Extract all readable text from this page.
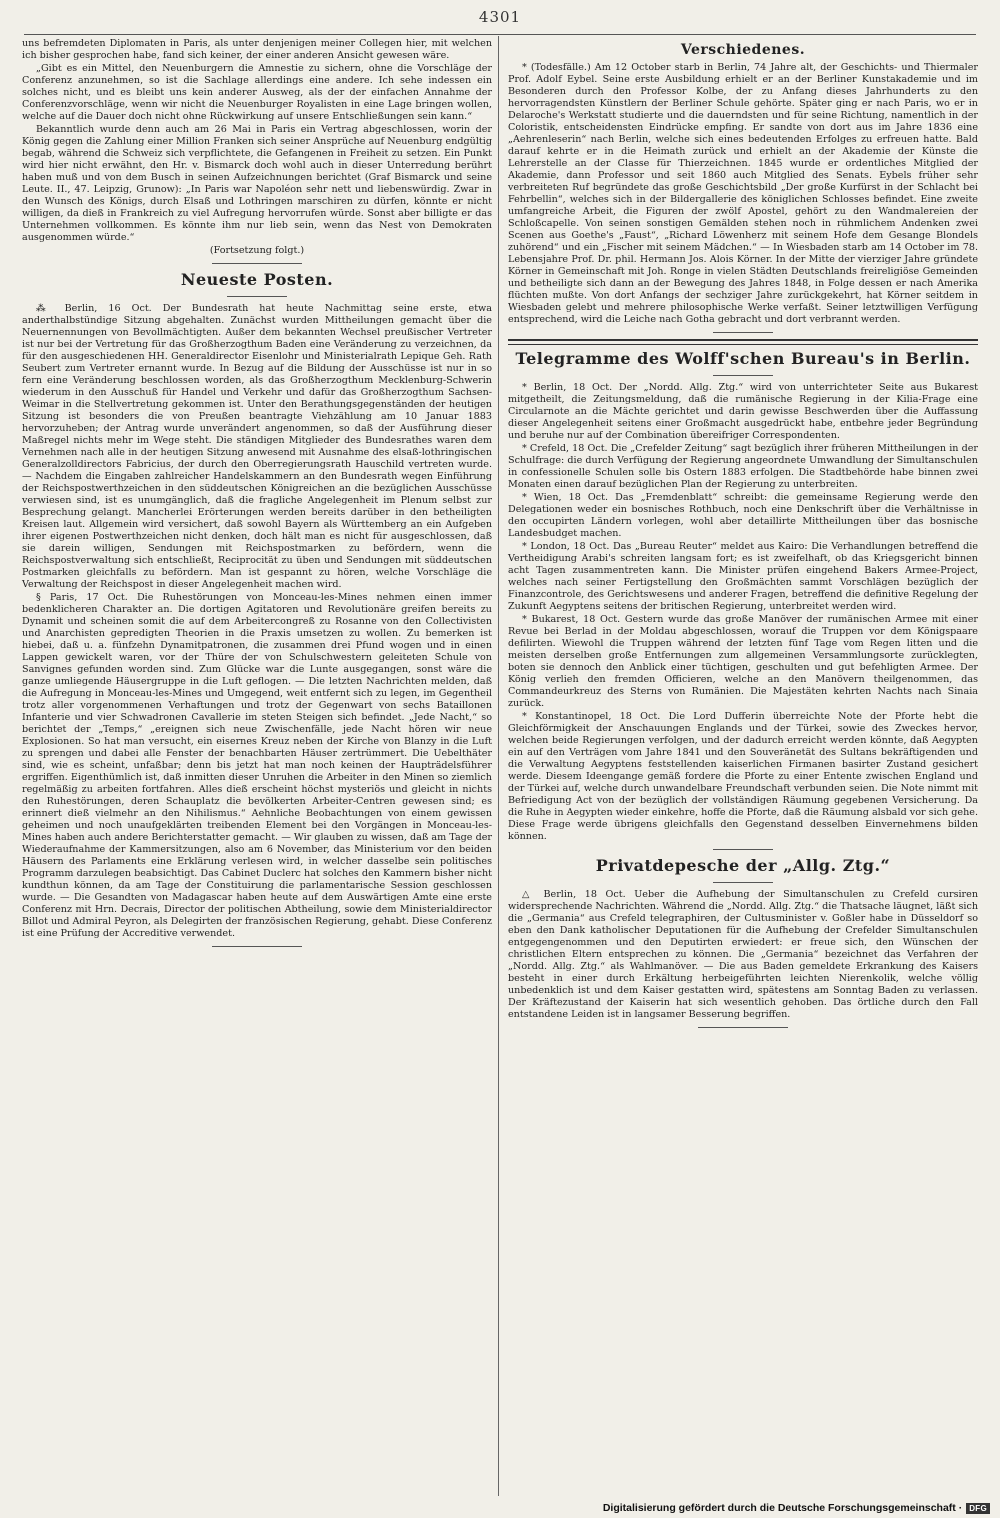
4301

uns befremdeten Diplomaten in Paris, als unter denjenigen meiner Collegen hier, mit welchen ich bisher gesprochen habe, fand sich keiner, der einer anderen Ansicht gewesen wäre.

„Gibt es ein Mittel, den Neuenburgern die Amnestie zu sichern, ohne die Vorschläge der Conferenz anzunehmen, so ist die Sachlage allerdings eine andere. Ich sehe indessen ein solches nicht, und es bleibt uns kein anderer Ausweg, als der der einfachen Annahme der Conferenzvorschläge, wenn wir nicht die Neuenburger Royalisten in eine Lage bringen wollen, welche auf die Dauer doch nicht ohne Rückwirkung auf unsere Entschließungen sein kann.“

Bekanntlich wurde denn auch am 26 Mai in Paris ein Vertrag abgeschlossen, worin der König gegen die Zahlung einer Million Franken sich seiner Ansprüche auf Neuenburg endgültig begab, während die Schweiz sich verpflichtete, die Gefangenen in Freiheit zu setzen. Ein Punkt wird hier nicht erwähnt, den Hr. v. Bismarck doch wohl auch in dieser Unterredung berührt haben muß und von dem Busch in seinen Aufzeichnungen berichtet (Graf Bismarck und seine Leute. II., 47. Leipzig, Grunow): „In Paris war Napoléon sehr nett und liebenswürdig. Zwar in den Wunsch des Königs, durch Elsaß und Lothringen marschiren zu dürfen, könnte er nicht willigen, da dieß in Frankreich zu viel Aufregung hervorrufen würde. Sonst aber billigte er das Unternehmen vollkommen. Es könnte ihm nur lieb sein, wenn das Nest von Demokraten ausgenommen würde.“

(Fortsetzung folgt.)

Neueste Posten.

⁂ Berlin, 16 Oct. Der Bundesrath hat heute Nachmittag seine erste, etwa anderthalbstündige Sitzung abgehalten. Zunächst wurden Mittheilungen gemacht über die Neuernennungen von Bevollmächtigten. Außer dem bekannten Wechsel preußischer Vertreter ist nur bei der Vertretung für das Großherzogthum Baden eine Veränderung zu verzeichnen, da für den ausgeschiedenen HH. Generaldirector Eisenlohr und Ministerialrath Lepique Geh. Rath Seubert zum Vertreter ernannt wurde. In Bezug auf die Bildung der Ausschüsse ist nur in so fern eine Veränderung beschlossen worden, als das Großherzogthum Mecklenburg-Schwerin wiederum in den Ausschuß für Handel und Verkehr und dafür das Großherzogthum Sachsen-Weimar in die Stellvertretung gekommen ist. Unter den Berathungsgegenständen der heutigen Sitzung ist besonders die von Preußen beantragte Viehzählung am 10 Januar 1883 hervorzuheben; der Antrag wurde unverändert angenommen, so daß der Ausführung dieser Maßregel nichts mehr im Wege steht. Die ständigen Mitglieder des Bundesrathes waren dem Vernehmen nach alle in der heutigen Sitzung anwesend mit Ausnahme des elsaß-lothringischen Generalzolldirectors Fabricius, der durch den Oberregierungsrath Hauschild vertreten wurde. — Nachdem die Eingaben zahlreicher Handelskammern an den Bundesrath wegen Einführung der Reichspostwerthzeichen in den süddeutschen Königreichen an die bezüglichen Ausschüsse verwiesen sind, ist es unumgänglich, daß die fragliche Angelegenheit im Plenum selbst zur Besprechung gelangt. Mancherlei Erörterungen werden bereits darüber in den betheiligten Kreisen laut. Allgemein wird versichert, daß sowohl Bayern als Württemberg an ein Aufgeben ihrer eigenen Postwerthzeichen nicht denken, doch hält man es nicht für ausgeschlossen, daß sie darein willigen, Sendungen mit Reichspostmarken zu befördern, wenn die Reichspostverwaltung sich entschließt, Reciprocität zu üben und Sendungen mit süddeutschen Postmarken gleichfalls zu befördern. Man ist gespannt zu hören, welche Vorschläge die Verwaltung der Reichspost in dieser Angelegenheit machen wird.

§ Paris, 17 Oct. Die Ruhestörungen von Monceau-les-Mines nehmen einen immer bedenklicheren Charakter an. Die dortigen Agitatoren und Revolutionäre greifen bereits zu Dynamit und scheinen somit die auf dem Arbeitercongreß zu Rosanne von den Collectivisten und Anarchisten gepredigten Theorien in die Praxis umsetzen zu wollen. Zu bemerken ist hiebei, daß u. a. fünfzehn Dynamitpatronen, die zusammen drei Pfund wogen und in einen Lappen gewickelt waren, vor der Thüre der von Schulschwestern geleiteten Schule von Sanvignes gefunden worden sind. Zum Glücke war die Lunte ausgegangen, sonst wäre die ganze umliegende Häusergruppe in die Luft geflogen. — Die letzten Nachrichten melden, daß die Aufregung in Monceau-les-Mines und Umgegend, weit entfernt sich zu legen, im Gegentheil trotz aller vorgenommenen Verhaftungen und trotz der Gegenwart von sechs Bataillonen Infanterie und vier Schwadronen Cavallerie im steten Steigen sich befindet. „Jede Nacht,“ so berichtet der „Temps,“ „ereignen sich neue Zwischenfälle, jede Nacht hören wir neue Explosionen. So hat man versucht, ein eisernes Kreuz neben der Kirche von Blanzy in die Luft zu sprengen und dabei alle Fenster der benachbarten Häuser zertrümmert. Die Uebelthäter sind, wie es scheint, unfaßbar; denn bis jetzt hat man noch keinen der Haupträdelsführer ergriffen. Eigenthümlich ist, daß inmitten dieser Unruhen die Arbeiter in den Minen so ziemlich regelmäßig zu arbeiten fortfahren. Alles dieß erscheint höchst mysteriös und gleicht in nichts den Ruhestörungen, deren Schauplatz die bevölkerten Arbeiter-Centren gewesen sind; es erinnert dieß vielmehr an den Nihilismus.“ Aehnliche Beobachtungen von einem gewissen geheimen und noch unaufgeklärten treibenden Element bei den Vorgängen in Monceau-les-Mines haben auch andere Berichterstatter gemacht. — Wir glauben zu wissen, daß am Tage der Wiederaufnahme der Kammersitzungen, also am 6 November, das Ministerium vor den beiden Häusern des Parlaments eine Erklärung verlesen wird, in welcher dasselbe sein politisches Programm darzulegen beabsichtigt. Das Cabinet Duclerc hat solches den Kammern bisher nicht kundthun können, da am Tage der Constituirung die parlamentarische Session geschlossen wurde. — Die Gesandten von Madagascar haben heute auf dem Auswärtigen Amte eine erste Conferenz mit Hrn. Decrais, Director der politischen Abtheilung, sowie dem Ministerialdirector Billot und Admiral Peyron, als Delegirten der französischen Regierung, gehabt. Diese Conferenz ist eine Prüfung der Accreditive verwendet.

Verschiedenes.

* (Todesfälle.) Am 12 October starb in Berlin, 74 Jahre alt, der Geschichts- und Thiermaler Prof. Adolf Eybel. Seine erste Ausbildung erhielt er an der Berliner Kunstakademie und im Besonderen durch den Professor Kolbe, der zu Anfang dieses Jahrhunderts zu den hervorragendsten Künstlern der Berliner Schule gehörte. Später ging er nach Paris, wo er in Delaroche's Werkstatt studierte und die dauerndsten und für seine Richtung, namentlich in der Coloristik, entscheidensten Eindrücke empfing. Er sandte von dort aus im Jahre 1836 eine „Aehrenleserin“ nach Berlin, welche sich eines bedeutenden Erfolges zu erfreuen hatte. Bald darauf kehrte er in die Heimath zurück und erhielt an der Akademie der Künste die Lehrerstelle an der Classe für Thierzeichnen. 1845 wurde er ordentliches Mitglied der Akademie, dann Professor und seit 1860 auch Mitglied des Senats. Eybels früher sehr verbreiteten Ruf begründete das große Geschichtsbild „Der große Kurfürst in der Schlacht bei Fehrbellin“, welches sich in der Bildergallerie des königlichen Schlosses befindet. Eine zweite umfangreiche Arbeit, die Figuren der zwölf Apostel, gehört zu den Wandmalereien der Schloßcapelle. Von seinen sonstigen Gemälden stehen noch in rühmlichem Andenken zwei Scenen aus Goethe's „Faust“, „Richard Löwenherz mit seinem Hofe dem Gesange Blondels zuhörend“ und ein „Fischer mit seinem Mädchen.“ — In Wiesbaden starb am 14 October im 78. Lebensjahre Prof. Dr. phil. Hermann Jos. Alois Körner. In der Mitte der vierziger Jahre gründete Körner in Gemeinschaft mit Joh. Ronge in vielen Städten Deutschlands freireligiöse Gemeinden und betheiligte sich dann an der Bewegung des Jahres 1848, in Folge dessen er nach Amerika flüchten mußte. Von dort Anfangs der sechziger Jahre zurückgekehrt, hat Körner seitdem in Wiesbaden gelebt und mehrere philosophische Werke verfaßt. Seiner letztwilligen Verfügung entsprechend, wird die Leiche nach Gotha gebracht und dort verbrannt werden.

Telegramme des Wolff'schen Bureau's in Berlin.

* Berlin, 18 Oct. Der „Nordd. Allg. Ztg.“ wird von unterrichteter Seite aus Bukarest mitgetheilt, die Zeitungsmeldung, daß die rumänische Regierung in der Kilia-Frage eine Circularnote an die Mächte gerichtet und darin gewisse Beschwerden über die Auffassung dieser Angelegenheit seitens einer Großmacht ausgedrückt habe, entbehre jeder Begründung und beruhe nur auf der Combination übereifriger Correspondenten.

* Crefeld, 18 Oct. Die „Crefelder Zeitung“ sagt bezüglich ihrer früheren Mittheilungen in der Schulfrage: die durch Verfügung der Regierung angeordnete Umwandlung der Simultanschulen in confessionelle Schulen solle bis Ostern 1883 erfolgen. Die Stadtbehörde habe binnen zwei Monaten einen darauf bezüglichen Plan der Regierung zu unterbreiten.

* Wien, 18 Oct. Das „Fremdenblatt“ schreibt: die gemeinsame Regierung werde den Delegationen weder ein bosnisches Rothbuch, noch eine Denkschrift über die Verhältnisse in den occupirten Ländern vorlegen, wohl aber detaillirte Mittheilungen über das bosnische Landesbudget machen.

* London, 18 Oct. Das „Bureau Reuter“ meldet aus Kairo: Die Verhandlungen betreffend die Vertheidigung Arabi's schreiten langsam fort; es ist zweifelhaft, ob das Kriegsgericht binnen acht Tagen zusammentreten kann. Die Minister prüfen eingehend Bakers Armee-Project, welches nach seiner Fertigstellung den Großmächten sammt Vorschlägen bezüglich der Finanzcontrole, des Gerichtswesens und anderer Fragen, betreffend die definitive Regelung der Zukunft Aegyptens seitens der britischen Regierung, unterbreitet werden wird.

* Bukarest, 18 Oct. Gestern wurde das große Manöver der rumänischen Armee mit einer Revue bei Berlad in der Moldau abgeschlossen, worauf die Truppen vor dem Königspaare defilirten. Wiewohl die Truppen während der letzten fünf Tage vom Regen litten und die meisten derselben große Entfernungen zum allgemeinen Versammlungsorte zurücklegten, boten sie dennoch den Anblick einer tüchtigen, geschulten und gut befehligten Armee. Der König verlieh den fremden Officieren, welche an den Manövern theilgenommen, das Commandeurkreuz des Sterns von Rumänien. Die Majestäten kehrten Nachts nach Sinaia zurück.

* Konstantinopel, 18 Oct. Die Lord Dufferin überreichte Note der Pforte hebt die Gleichförmigkeit der Anschauungen Englands und der Türkei, sowie des Zweckes hervor, welchen beide Regierungen verfolgen, und der dadurch erreicht werden könnte, daß Aegypten ein auf den Verträgen vom Jahre 1841 und den Souveränetät des Sultans bekräftigenden und die Verwaltung Aegyptens feststellenden kaiserlichen Firmanen basirter Zustand gesichert werde. Diesem Ideengange gemäß fordere die Pforte zu einer Entente zwischen England und der Türkei auf, welche durch unwandelbare Freundschaft verbunden seien. Die Note nimmt mit Befriedigung Act von der bezüglich der vollständigen Räumung gegebenen Versicherung. Da die Ruhe in Aegypten wieder einkehre, hoffe die Pforte, daß die Räumung alsbald vor sich gehe. Diese Frage werde übrigens gleichfalls den Gegenstand desselben Einvernehmens bilden können.

Privatdepesche der „Allg. Ztg.“

△ Berlin, 18 Oct. Ueber die Aufhebung der Simultanschulen zu Crefeld cursiren widersprechende Nachrichten. Während die „Nordd. Allg. Ztg.“ die Thatsache läugnet, läßt sich die „Germania“ aus Crefeld telegraphiren, der Cultusminister v. Goßler habe in Düsseldorf so eben den Dank katholischer Deputationen für die Aufhebung der Crefelder Simultanschulen entgegengenommen und den Deputirten erwiedert: er freue sich, den Wünschen der christlichen Eltern entsprechen zu können. Die „Germania“ bezeichnet das Verfahren der „Nordd. Allg. Ztg.“ als Wahlmanöver. — Die aus Baden gemeldete Erkrankung des Kaisers besteht in einer durch Erkältung herbeigeführten leichten Nierenkolik, welche völlig unbedenklich ist und dem Kaiser gestatten wird, spätestens am Sonntag Baden zu verlassen. Der Kräftezustand der Kaiserin hat sich wesentlich gehoben. Das örtliche durch den Fall entstandene Leiden ist in langsamer Besserung begriffen.

Digitalisierung gefördert durch die Deutsche Forschungsgemeinschaft · DFG
